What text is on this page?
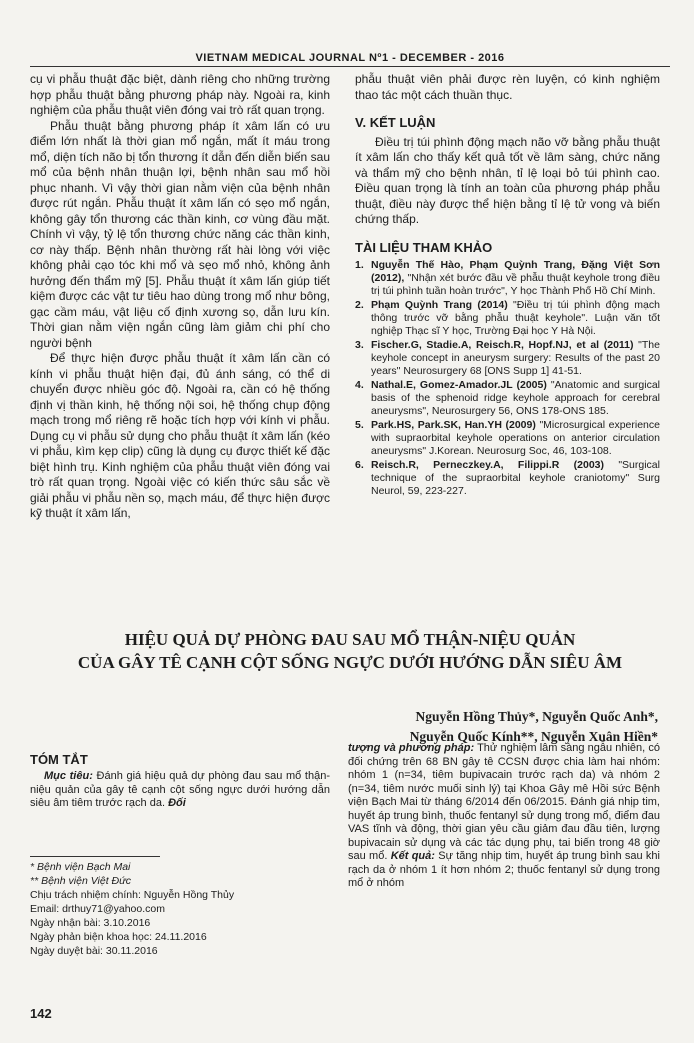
VIETNAM MEDICAL JOURNAL Nº1 - DECEMBER - 2016

cụ vi phẫu thuật đặc biệt, dành riêng cho những trường hợp phẫu thuật bằng phương pháp này. Ngoài ra, kinh nghiệm của phẫu thuật viên đóng vai trò rất quan trọng.

Phẫu thuật bằng phương pháp ít xâm lấn có ưu điểm lớn nhất là thời gian mổ ngắn, mất ít máu trong mổ, diện tích não bị tổn thương ít dẫn đến diễn biến sau mổ của bệnh nhân thuận lợi, bệnh nhân sau mổ hồi phục nhanh. Vì vậy thời gian nằm viện của bệnh nhân được rút ngắn. Phẫu thuật ít xâm lấn có sẹo mổ ngắn, không gây tổn thương các thần kinh, cơ vùng đầu mặt. Chính vì vậy, tỷ lệ tổn thương chức năng các thần kinh, cơ này thấp. Bệnh nhân thường rất hài lòng với việc không phải cạo tóc khi mổ và sẹo mổ nhỏ, không ảnh hưởng đến thẩm mỹ [5]. Phẫu thuật ít xâm lấn giúp tiết kiệm được các vật tư tiêu hao dùng trong mổ như bông, gạc cầm máu, vật liệu cố định xương sọ, dẫn lưu kín. Thời gian nằm viện ngắn cũng làm giảm chi phí cho người bệnh

Để thực hiện được phẫu thuật ít xâm lấn cần có kính vi phẫu thuật hiện đại, đủ ánh sáng, có thể di chuyển được nhiều góc độ. Ngoài ra, cần có hệ thống định vị thần kinh, hệ thống nội soi, hệ thống chụp động mạch trong mổ riêng rẽ hoặc tích hợp với kính vi phẫu. Dụng cụ vi phẫu sử dụng cho phẫu thuật ít xâm lấn (kéo vi phẫu, kìm kẹp clip) cũng là dụng cụ được thiết kế đặc biệt hình trụ. Kinh nghiệm của phẫu thuật viên đóng vai trò rất quan trọng. Ngoài việc có kiến thức sâu sắc về giải phẫu vi phẫu nền sọ, mạch máu, để thực hiện được kỹ thuật ít xâm lấn,

phẫu thuật viên phải được rèn luyện, có kinh nghiệm thao tác một cách thuần thục.

V. KẾT LUẬN

Điều trị túi phình động mạch não vỡ bằng phẫu thuật ít xâm lấn cho thấy kết quả tốt về lâm sàng, chức năng và thẩm mỹ cho bệnh nhân, tỉ lệ loại bỏ túi phình cao. Điều quan trọng là tính an toàn của phương pháp phẫu thuật, điều này được thể hiện bằng tỉ lệ tử vong và biến chứng thấp.

TÀI LIỆU THAM KHẢO
1. Nguyễn Thế Hào, Phạm Quỳnh Trang, Đặng Việt Sơn (2012), "Nhận xét bước đầu về phẫu thuật keyhole trong điều trị túi phình tuần hoàn trước", Y học Thành Phố Hồ Chí Minh.
2. Phạm Quỳnh Trang (2014) "Điều trị túi phình động mạch thông trước vỡ bằng phẫu thuật keyhole". Luận văn tốt nghiệp Thạc sĩ Y học, Trường Đại học Y Hà Nội.
3. Fischer.G, Stadie.A, Reisch.R, Hopf.NJ, et al (2011) "The keyhole concept in aneurysm surgery: Results of the past 20 years" Neurosurgery 68 [ONS Supp 1] 41-51.
4. Nathal.E, Gomez-Amador.JL (2005) "Anatomic and surgical basis of the sphenoid ridge keyhole approach for cerebral aneurysms", Neurosurgery 56, ONS 178-ONS 185.
5. Park.HS, Park.SK, Han.YH (2009) "Microsurgical experience with supraorbital keyhole operations on anterior circulation aneurysms" J.Korean. Neurosurg Soc, 46, 103-108.
6. Reisch.R, Perneczkey.A, Filippi.R (2003) "Surgical technique of the supraorbital keyhole craniotomy" Surg Neurol, 59, 223-227.
HIỆU QUẢ DỰ PHÒNG ĐAU SAU MỔ THẬN-NIỆU QUẢN
CỦA GÂY TÊ CẠNH CỘT SỐNG NGỰC DƯỚI HƯỚNG DẪN SIÊU ÂM
Nguyễn Hồng Thủy*, Nguyễn Quốc Anh*,
Nguyễn Quốc Kính**, Nguyễn Xuân Hiền*
TÓM TẮT
Mục tiêu: Đánh giá hiệu quả dự phòng đau sau mổ thận-niệu quản của gây tê cạnh cột sống ngực dưới hướng dẫn siêu âm tiêm trước rạch da. Đối
tượng và phương pháp: Thử nghiệm lâm sàng ngẫu nhiên, có đối chứng trên 68 BN gây tê CCSN được chia làm hai nhóm: nhóm 1 (n=34, tiêm bupivacain trước rạch da) và nhóm 2 (n=34, tiêm nước muối sinh lý) tại Khoa Gây mê Hồi sức Bệnh viện Bạch Mai từ tháng 6/2014 đến 06/2015. Đánh giá nhịp tim, huyết áp trung bình, thuốc fentanyl sử dụng trong mổ, điểm đau VAS tĩnh và động, thời gian yêu cầu giảm đau đầu tiên, lượng bupivacain sử dụng và các tác dụng phụ, tai biến trong 48 giờ sau mổ. Kết quả: Sự tăng nhịp tim, huyết áp trung bình sau khi rạch da ở nhóm 1 ít hơn nhóm 2; thuốc fentanyl sử dụng trong mổ ở nhóm
* Bệnh viện Bạch Mai
** Bệnh viện Việt Đức
Chịu trách nhiệm chính: Nguyễn Hồng Thủy
Email: drthuy71@yahoo.com
Ngày nhận bài: 3.10.2016
Ngày phản biện khoa học: 24.11.2016
Ngày duyệt bài: 30.11.2016
142
